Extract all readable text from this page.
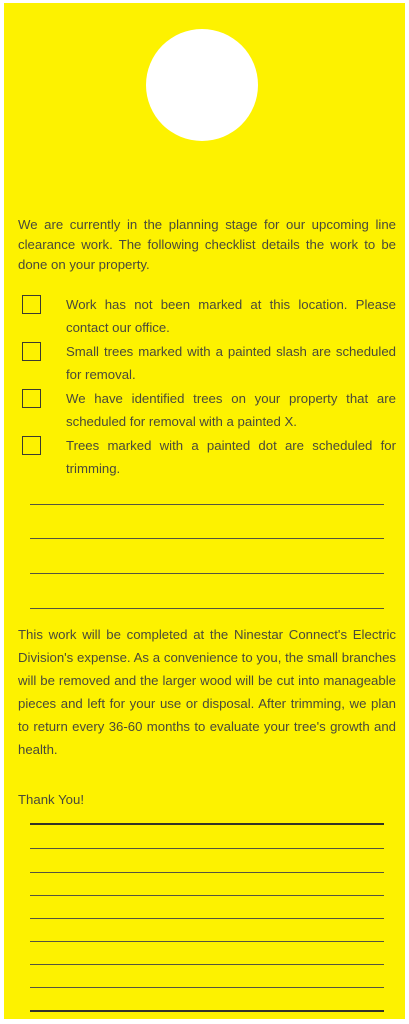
We are currently in the planning stage for our upcoming line clearance work. The following checklist details the work to be done on your property.

Work has not been marked at this location. Please contact our office.
Small trees marked with a painted slash are scheduled for removal.
We have identified trees on your property that are scheduled for removal with a painted X.
Trees marked with a painted dot are scheduled for trimming.

This work will be completed at the Ninestar Connect's Electric Division's expense. As a convenience to you, the small branches will be removed and the larger wood will be cut into manageable pieces and left for your use or disposal. After trimming, we plan to return every 36-60 months to evaluate your tree's growth and health.

Thank You!
